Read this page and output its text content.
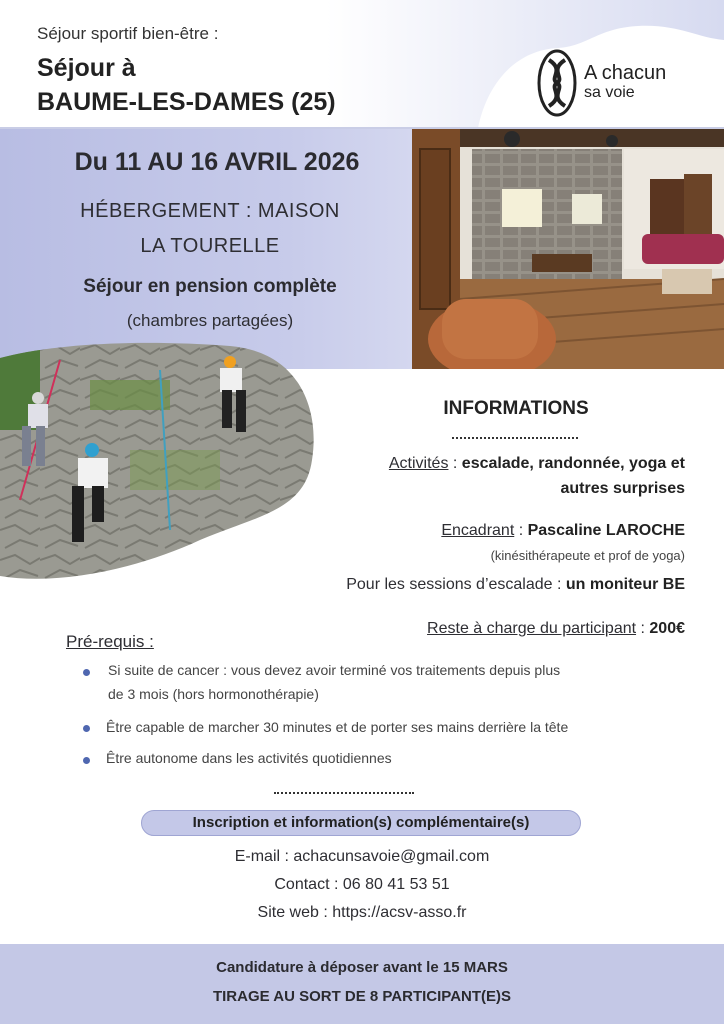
Séjour sportif bien-être :
Séjour à
BAUME-LES-DAMES (25)
A chacun
sa voie
Du 11 AU 16 AVRIL 2026
HÉBERGEMENT : MAISON
LA TOURELLE
Séjour en pension complète
(chambres partagées)
INFORMATIONS
Activités : escalade, randonnée, yoga et
autres surprises
Encadrant : Pascaline LAROCHE
(kinésithérapeute et prof de yoga)
Pour les sessions d’escalade : un moniteur BE
Reste à charge du participant : 200€
Pré-requis :
Si suite de cancer : vous devez avoir terminé vos traitements depuis plus
de 3 mois (hors hormonothérapie)
Être capable de marcher 30 minutes et de porter ses mains derrière la tête
Être autonome dans les activités quotidiennes
Inscription et information(s) complémentaire(s)
E-mail : achacunsavoie@gmail.com
Contact : 06 80 41 53 51
Site web : https://acsv-asso.fr
Candidature à déposer avant le 15 MARS
TIRAGE AU SORT DE 8 PARTICIPANT(E)S
